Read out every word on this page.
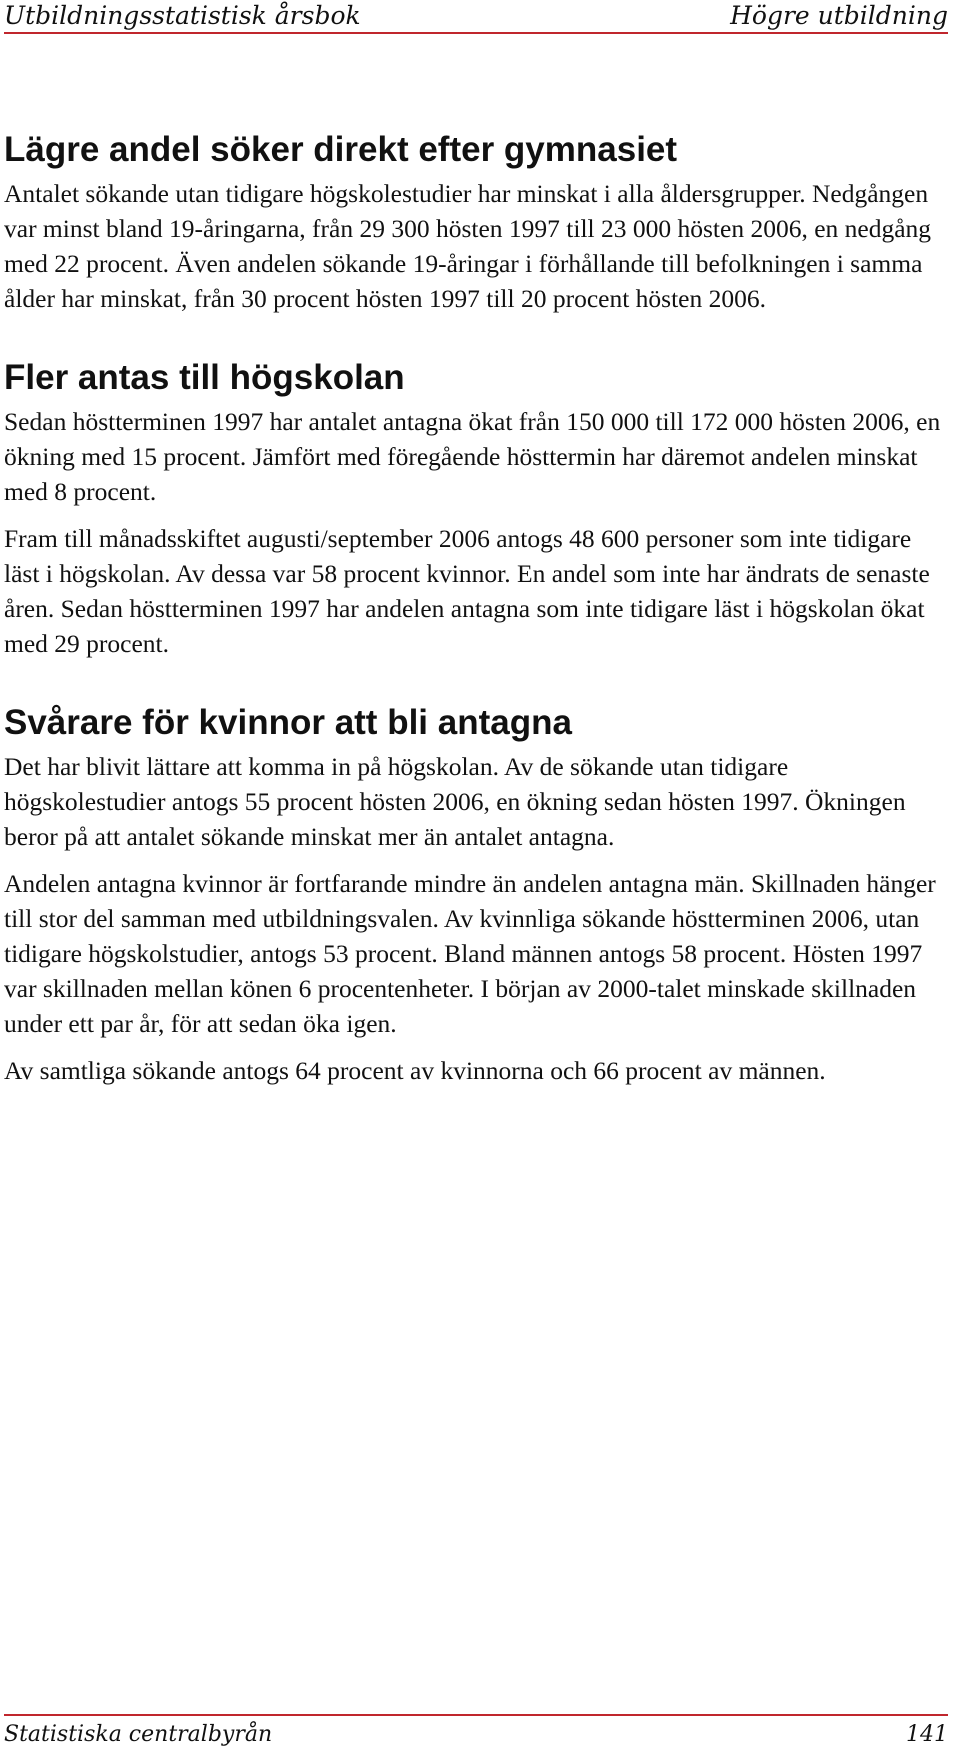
Utbildningsstatistisk årsbok	Högre utbildning
Lägre andel söker direkt efter gymnasiet

Antalet sökande utan tidigare högskolestudier har minskat i alla åldersgrupper. Nedgången var minst bland 19-åringarna, från 29 300 hösten 1997 till 23 000 hösten 2006, en nedgång med 22 procent. Även andelen sökande 19-åringar i förhållande till befolkningen i samma ålder har minskat, från 30 procent hösten 1997 till 20 procent hösten 2006.

Fler antas till högskolan

Sedan höstterminen 1997 har antalet antagna ökat från 150 000 till 172 000 hösten 2006, en ökning med 15 procent. Jämfört med föregående hösttermin har däremot andelen minskat med 8 procent.

Fram till månadsskiftet augusti/september 2006 antogs 48 600 personer som inte tidigare läst i högskolan. Av dessa var 58 procent kvinnor. En andel som inte har ändrats de senaste åren. Sedan höstterminen 1997 har andelen antagna som inte tidigare läst i högskolan ökat med 29 procent.

Svårare för kvinnor att bli antagna

Det har blivit lättare att komma in på högskolan. Av de sökande utan tidigare högskolestudier antogs 55 procent hösten 2006, en ökning sedan hösten 1997. Ökningen beror på att antalet sökande minskat mer än antalet antagna.

Andelen antagna kvinnor är fortfarande mindre än andelen antagna män. Skillnaden hänger till stor del samman med utbildningsvalen. Av kvinnliga sökande höstterminen 2006, utan tidigare högskolstudier, antogs 53 procent. Bland männen antogs 58 procent. Hösten 1997 var skillnaden mellan könen 6 procentenheter. I början av 2000-talet minskade skillnaden under ett par år, för att sedan öka igen.

Av samtliga sökande antogs 64 procent av kvinnorna och 66 procent av männen.

Statistiska centralbyrån	141
